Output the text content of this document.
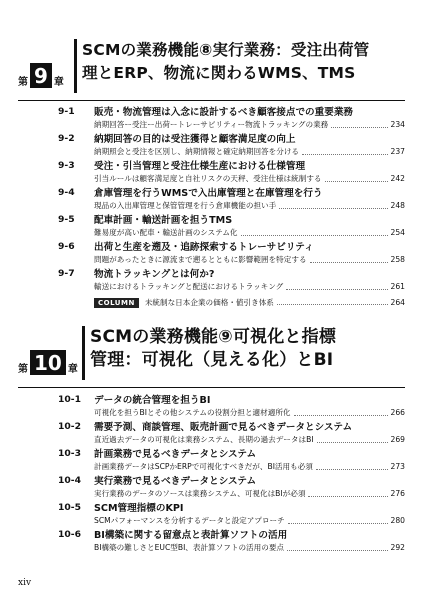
第 9 章
SCMの業務機能⑧実行業務：受注出荷管
理とERP、物流に関わるWMS、TMS
9-1	販売・物流管理は入念に設計するべき顧客接点での重要業務
納期回答ー受注ー出荷ートレーサビリティー物流トラッキングの業務	234
9-2	納期回答の目的は受注獲得と顧客満足度の向上
納期照会と受注を区別し、納期情報と確定納期回答を分ける	237
9-3	受注・引当管理と受注仕様生産における仕様管理
引当ルールは顧客満足度と自社リスクの天秤、受注仕様は統制する	242
9-4	倉庫管理を行うWMSで入出庫管理と在庫管理を行う
現品の入出庫管理と保管管理を行う倉庫機能の担い手	248
9-5	配車計画・輸送計画を担うTMS
難易度が高い配車・輸送計画のシステム化	254
9-6	出荷と生産を遡及・追跡探索するトレーサビリティ
問題があったときに源流まで遡るとともに影響範囲を特定する	258
9-7	物流トラッキングとは何か?
輸送におけるトラッキングと配送におけるトラッキング	261
COLUMN	未統制な日本企業の価格・値引き体系	264
第 10 章
SCMの業務機能⑨可視化と指標
管理：可視化（見える化）とBI
10-1	データの統合管理を担うBI
可視化を担うBIとその他システムの役割分担と適材適所化	266
10-2	需要予測、商談管理、販売計画で見るべきデータとシステム
直近過去データの可視化は業務システム、長期の過去データはBI	269
10-3	計画業務で見るべきデータとシステム
計画業務データはSCPかERPで可視化すべきだが、BI活用も必須	273
10-4	実行業務で見るべきデータとシステム
実行業務のデータのソースは業務システム、可視化はBIが必須	276
10-5	SCM管理指標のKPI
SCMパフォーマンスを分析するデータと設定アプローチ	280
10-6	BI構築に関する留意点と表計算ソフトの活用
BI構築の難しさとEUC型BI、表計算ソフトの活用の要点	292
xiv
